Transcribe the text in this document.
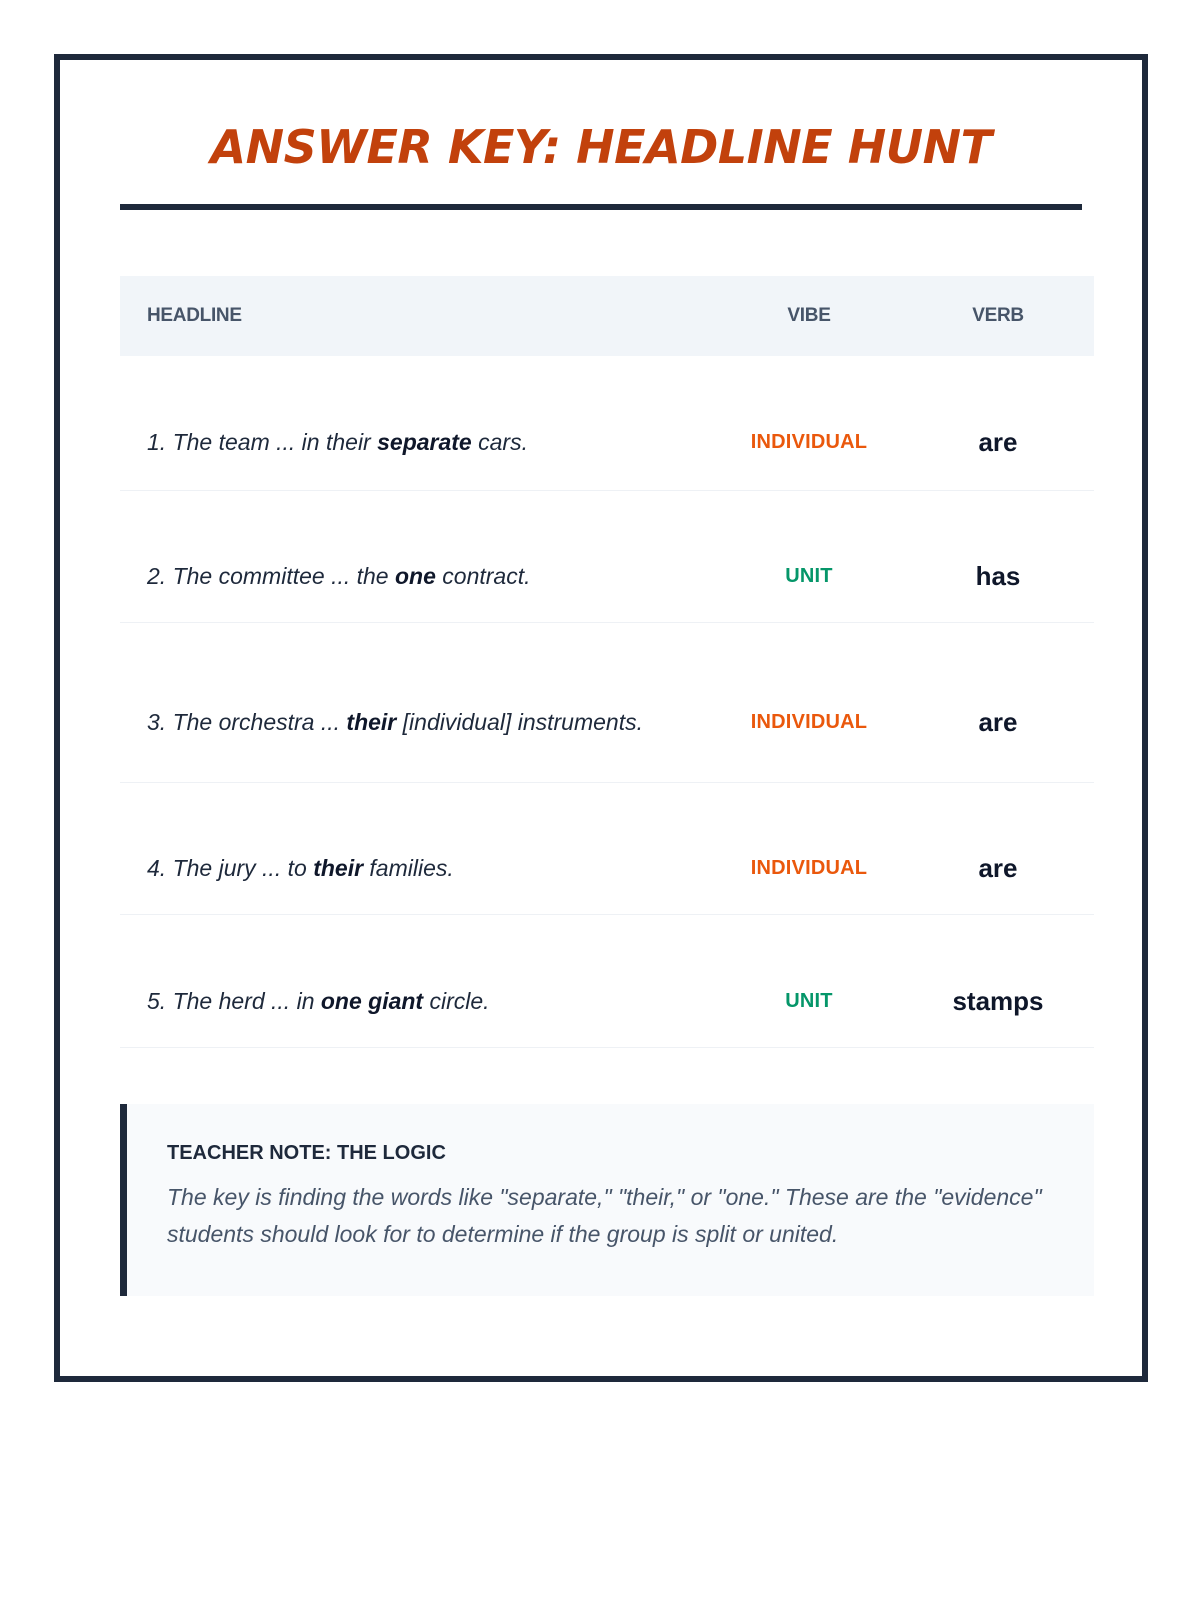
ANSWER KEY: HEADLINE HUNT
HEADLINE	VIBE	VERB
1. The team ... in their separate cars.	INDIVIDUAL	are
2. The committee ... the one contract.	UNIT	has
3. The orchestra ... their [individual] instruments.	INDIVIDUAL	are
4. The jury ... to their families.	INDIVIDUAL	are
5. The herd ... in one giant circle.	UNIT	stamps
TEACHER NOTE: THE LOGIC

The key is finding the words like "separate," "their," or "one." These are the "evidence" students should look for to determine if the group is split or united.
